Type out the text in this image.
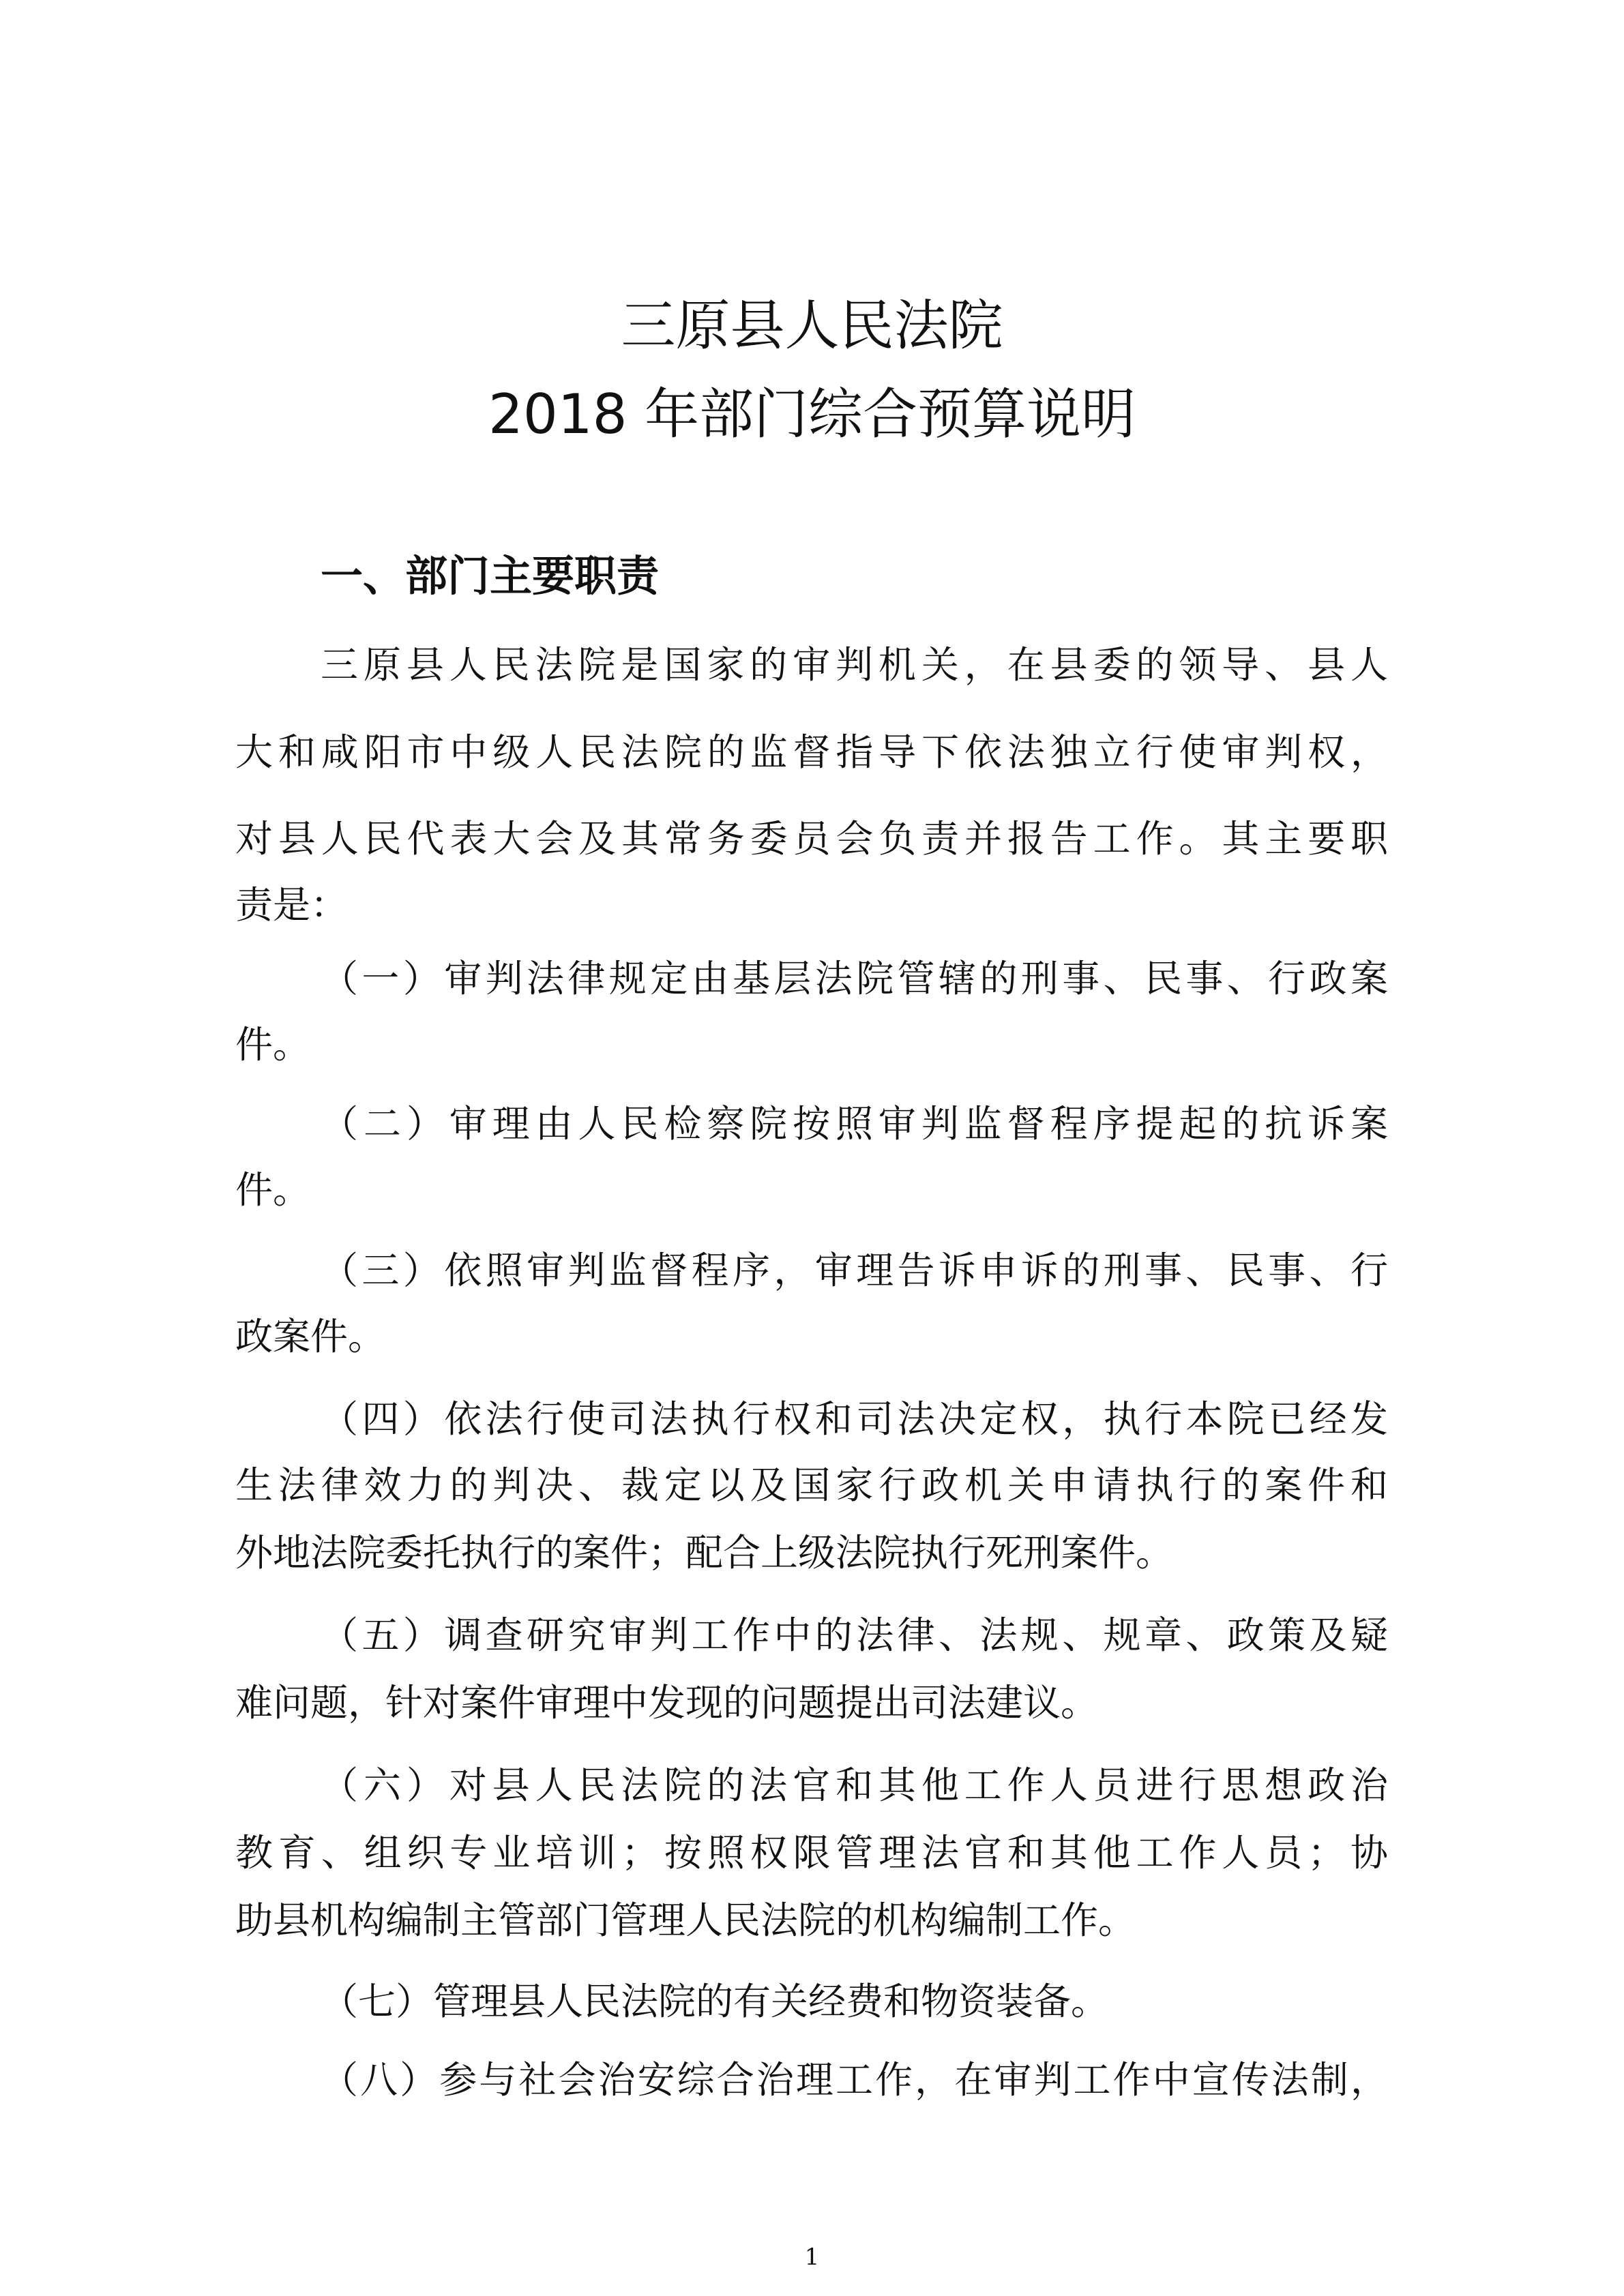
三原县人民法院
2018 年部门综合预算说明
一、部门主要职责
三原县人民法院是国家的审判机关，在县委的领导、县人
大和咸阳市中级人民法院的监督指导下依法独立行使审判权，
对县人民代表大会及其常务委员会负责并报告工作。其主要职
责是：
（一）审判法律规定由基层法院管辖的刑事、民事、行政案
件。
（二）审理由人民检察院按照审判监督程序提起的抗诉案
件。
（三）依照审判监督程序，审理告诉申诉的刑事、民事、行
政案件。
（四）依法行使司法执行权和司法决定权，执行本院已经发
生法律效力的判决、裁定以及国家行政机关申请执行的案件和
外地法院委托执行的案件；配合上级法院执行死刑案件。
（五）调查研究审判工作中的法律、法规、规章、政策及疑
难问题，针对案件审理中发现的问题提出司法建议。
（六）对县人民法院的法官和其他工作人员进行思想政治
教育、组织专业培训；按照权限管理法官和其他工作人员；协
助县机构编制主管部门管理人民法院的机构编制工作。
（七）管理县人民法院的有关经费和物资装备。
（八）参与社会治安综合治理工作，在审判工作中宣传法制，
1
